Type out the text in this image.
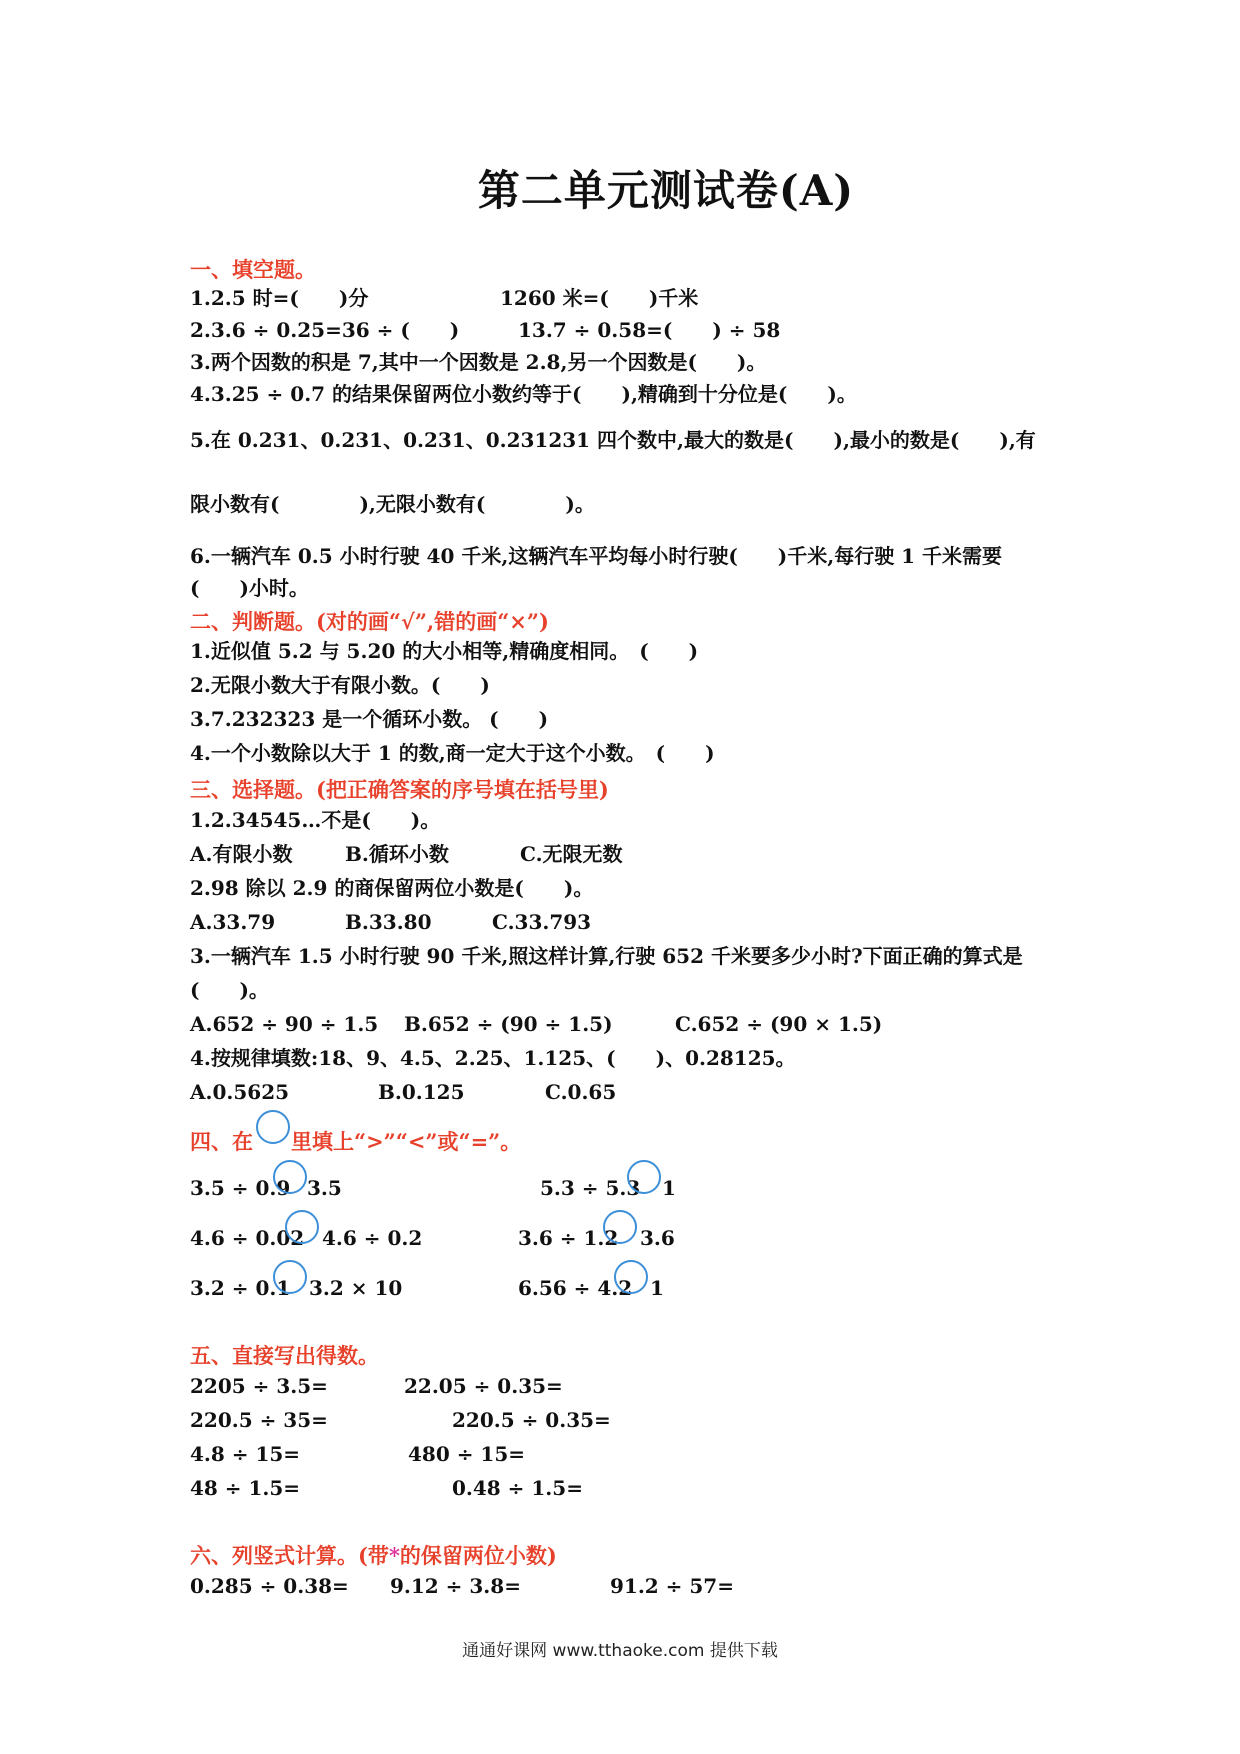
第二单元测试卷(A)
一、填空题。
1.2.5 时=(　　)分	1260 米=(　　)千米
2.3.6 ÷ 0.25=36 ÷ (　　)	13.7 ÷ 0.58=(　　) ÷ 58
3.两个因数的积是 7,其中一个因数是 2.8,另一个因数是(　　)。
4.3.25 ÷ 0.7 的结果保留两位小数约等于(　　),精确到十分位是(　　)。
5.在 0.231、0.231、0.231、0.231231 四个数中,最大的数是(　　),最小的数是(　　),有
限小数有(　　　　),无限小数有(　　　　)。
6.一辆汽车 0.5 小时行驶 40 千米,这辆汽车平均每小时行驶(　　)千米,每行驶 1 千米需要
(　　)小时。
二、判断题。(对的画“√”,错的画“×”)
1.近似值 5.2 与 5.20 的大小相等,精确度相同。　(　　)
2.无限小数大于有限小数。(　　)
3.7.232323 是一个循环小数。 (　　)
4.一个小数除以大于 1 的数,商一定大于这个小数。　(　　)
三、选择题。(把正确答案的序号填在括号里)
1.2.34545…不是(　　)。
A.有限小数	B.循环小数	C.无限无数
2.98 除以 2.9 的商保留两位小数是(　　)。
A.33.79	B.33.80	C.33.793
3.一辆汽车 1.5 小时行驶 90 千米,照这样计算,行驶 652 千米要多少小时?下面正确的算式是
(　　)。
A.652 ÷ 90 ÷ 1.5 B.652 ÷ (90 ÷ 1.5)	C.652 ÷ (90 × 1.5)
4.按规律填数:18、9、4.5、2.25、1.125、(　　)、0.28125。
A.0.5625	B.0.125	C.0.65
四、在 里填上“>”“<”或“=”。
3.5 ÷ 0.9 3.5	5.3 ÷ 5.3 1
4.6 ÷ 0.02 4.6 ÷ 0.2	3.6 ÷ 1.2 3.6
3.2 ÷ 0.1 3.2 × 10	6.56 ÷ 4.2 1
五、直接写出得数。
2205 ÷ 3.5=	22.05 ÷ 0.35=
220.5 ÷ 35=	220.5 ÷ 0.35=
4.8 ÷ 15=	480 ÷ 15=
48 ÷ 1.5=	0.48 ÷ 1.5=
六、列竖式计算。(带*的保留两位小数)
0.285 ÷ 0.38= 9.12 ÷ 3.8=	91.2 ÷ 57=
通通好课网 www.tthaoke.com 提供下载
